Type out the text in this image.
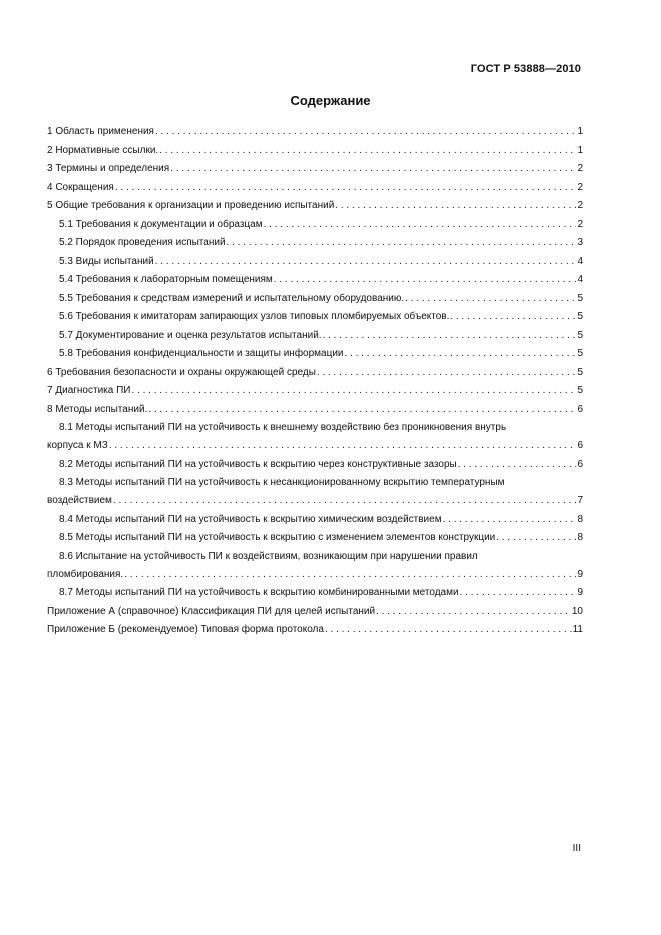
ГОСТ Р 53888—2010
Содержание
1 Область применения . . .	1
2 Нормативные ссылки. . . .	1
3 Термины и определения . . .	2
4 Сокращения . . .	2
5 Общие требования к организации и проведению испытаний . . .	2
5.1 Требования к документации и образцам . . .	2
5.2 Порядок проведения испытаний . . .	3
5.3 Виды испытаний . . .	4
5.4 Требования к лабораторным помещениям . . .	4
5.5 Требования к средствам измерений и испытательному оборудованию. . . .	5
5.6 Требования к имитаторам запирающих узлов типовых пломбируемых объектов. . . .	5
5.7 Документирование и оценка результатов испытаний. . . .	5
5.8 Требования конфиденциальности и защиты информации . . .	5
6 Требования безопасности и охраны окружающей среды . . .	5
7 Диагностика ПИ . . .	5
8 Методы испытаний. . . .	6
8.1 Методы испытаний ПИ на устойчивость к внешнему воздействию без проникновения внутрь
корпуса к МЗ . . .	6
8.2 Методы испытаний ПИ на устойчивость к вскрытию через конструктивные зазоры . . .	6
8.3 Методы испытаний ПИ на устойчивость к несанкционированному вскрытию температурным
воздействием . . .	7
8.4 Методы испытаний ПИ на устойчивость к вскрытию химическим воздействием . . .	8
8.5 Методы испытаний ПИ на устойчивость к вскрытию с изменением элементов конструкции . . .	8
8.6 Испытание на устойчивость ПИ к воздействиям, возникающим при нарушении правил
пломбирования. . . .	9
8.7 Методы испытаний ПИ на устойчивость к вскрытию комбинированными методами . . .	9
Приложение А (справочное) Классификация ПИ для целей испытаний . . .	10
Приложение Б (рекомендуемое) Типовая форма протокола . . .	11
III
